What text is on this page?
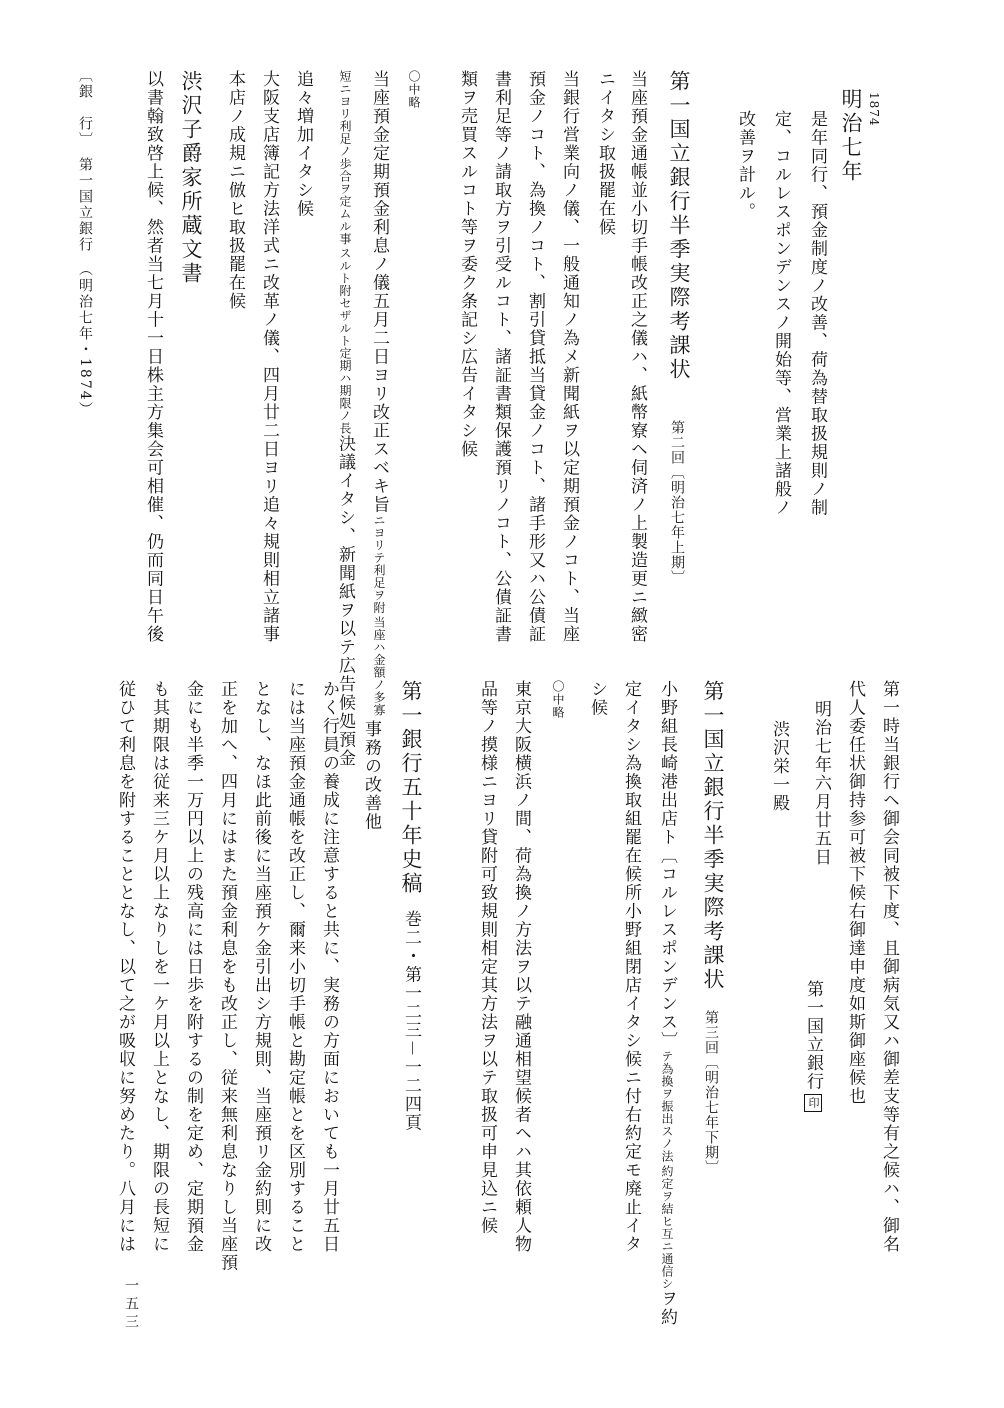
1874

明治七年

是年同行、預金制度ノ改善、荷為替取扱規則ノ制

定、コルレスポンデンスノ開始等、営業上諸般ノ

改善ヲ計ル。

第一国立銀行半季実際考課状

第二回〔明治七年上期〕

当座預金通帳並小切手帳改正之儀ハ、紙幣寮ヘ伺済ノ上製造更ニ緻密

ニイタシ取扱罷在候

当銀行営業向ノ儀、一般通知ノ為メ新聞紙ヲ以定期預金ノコト、当座

預金ノコト、為換ノコト、割引貸抵当貸金ノコト、諸手形又ハ公債証

書利足等ノ請取方ヲ引受ルコト、諸証書類保護預リノコト、公債証書

類ヲ売買スルコト等ヲ委ク条記シ広告イタシ候

〇中略

当座預金定期預金利息ノ儀五月二日ヨリ改正スベキ旨
当座ハ金額ノ多寡
ニヨリテ利足ヲ附

スルト附セザルト定期ハ期限ノ長
短ニヨリ利足ノ歩合ヲ定ムル事
決議イタシ、新聞紙ヲ以テ広告候処預金

追々増加イタシ候

大阪支店簿記方法洋式ニ改革ノ儀、四月廿二日ヨリ追々規則相立諸事

本店ノ成規ニ倣ヒ取扱罷在候

渋沢子爵家所蔵文書

以書翰致啓上候、然者当七月十一日株主方集会可相催、仍而同日午後

〔銀　行〕　第一国立銀行　（明治七年・1874）

第一時当銀行ヘ御会同被下度、且御病気又ハ御差支等有之候ハ、御名

代人委任状御持参可被下候右御達申度如斯御座候也

明治七年六月廿五日

第一国立銀行印

渋沢栄一殿

第一国立銀行半季実際考課状

第三回〔明治七年下期〕

小野組長崎港出店ト〔コルレスポンデンス〕
約定ヲ結ヒ互ニ通信シ
テ為換ヲ振出スノ法
ヲ約

定イタシ為換取組罷在候所小野組閉店イタシ候ニ付右約定モ廃止イタ

シ候

〇中略

東京大阪横浜ノ間、荷為換ノ方法ヲ以テ融通相望候者ヘハ其依頼人物

品等ノ摸様ニヨリ貸附可致規則相定其方法ヲ以テ取扱可申見込ニ候

第一銀行五十年史稿

巻二・第一二三－一二四頁

事務の改善他

かく行員の養成に注意すると共に、実務の方面においても一月廿五日

には当座預金通帳を改正し、爾来小切手帳と勘定帳とを区別すること

となし、なほ此前後に当座預ケ金引出シ方規則、当座預リ金約則に改

正を加へ、四月にはまた預金利息をも改正し、従来無利息なりし当座預

金にも半季一万円以上の残高には日歩を附するの制を定め、定期預金

も其期限は従来三ケ月以上なりしを一ケ月以上となし、期限の長短に

従ひて利息を附することとなし、以て之が吸収に努めたり。八月には

一五三
